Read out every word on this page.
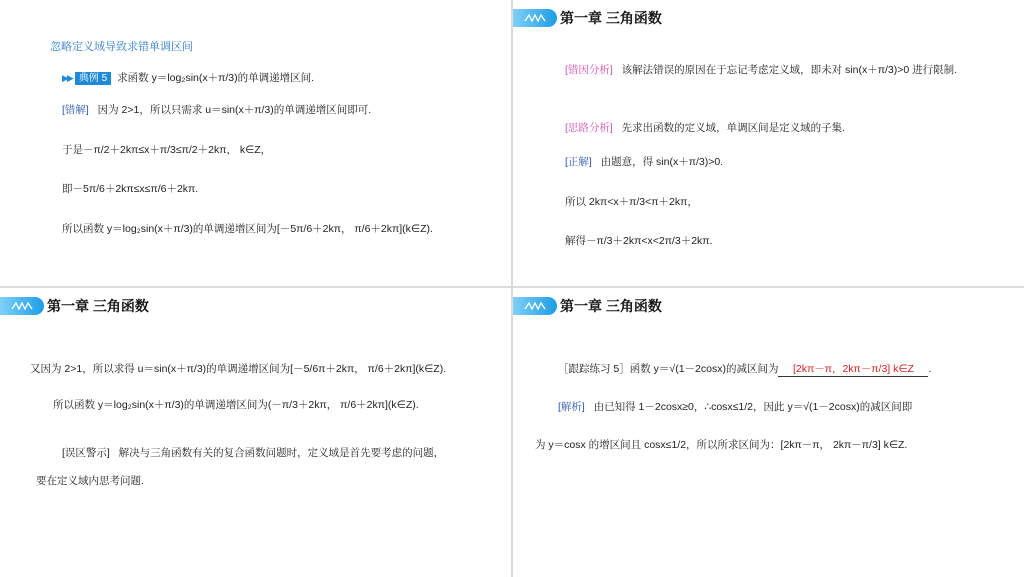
忽略定义域导致求错单调区间
▶▶ 典例 5 求函数 y＝log₂sin(x＋π/3)的单调递增区间.
[错解] 因为 2>1，所以只需求 u＝sin(x＋π/3)的单调递增区间即可.
于是－π/2＋2kπ≤x＋π/3≤π/2＋2kπ， k∈Z，
即－5π/6＋2kπ≤x≤π/6＋2kπ.
所以函数 y＝log₂sin(x＋π/3)的单调递增区间为[－5π/6＋2kπ， π/6＋2kπ](k∈Z).
第一章 三角函数
[错因分析] 该解法错误的原因在于忘记考虑定义域，即未对 sin(x＋π/3)>0 进行限制.
[思路分析] 先求出函数的定义域，单调区间是定义域的子集.
[正解] 由题意，得 sin(x＋π/3)>0.
所以 2kπ<x＋π/3<π＋2kπ，
解得－π/3＋2kπ<x<2π/3＋2kπ.
第一章 三角函数
又因为 2>1，所以求得 u＝sin(x＋π/3)的单调递增区间为[－5/6π＋2kπ， π/6＋2kπ](k∈Z).
所以函数 y＝log₂sin(x＋π/3)的单调递增区间为(－π/3＋2kπ， π/6＋2kπ](k∈Z).
[误区警示] 解决与三角函数有关的复合函数问题时，定义域是首先要考虑的问题，
要在定义域内思考问题.
第一章 三角函数
［跟踪练习 5］函数 y＝√(1－2cosx)的减区间为 [2kπ－π，2kπ－π/3] k∈Z .
[解析] 由已知得 1－2cosx≥0，∴cosx≤1/2，因此 y＝√(1－2cosx)的减区间即
为 y＝cosx 的增区间且 cosx≤1/2，所以所求区间为：[2kπ－π， 2kπ－π/3] k∈Z.
